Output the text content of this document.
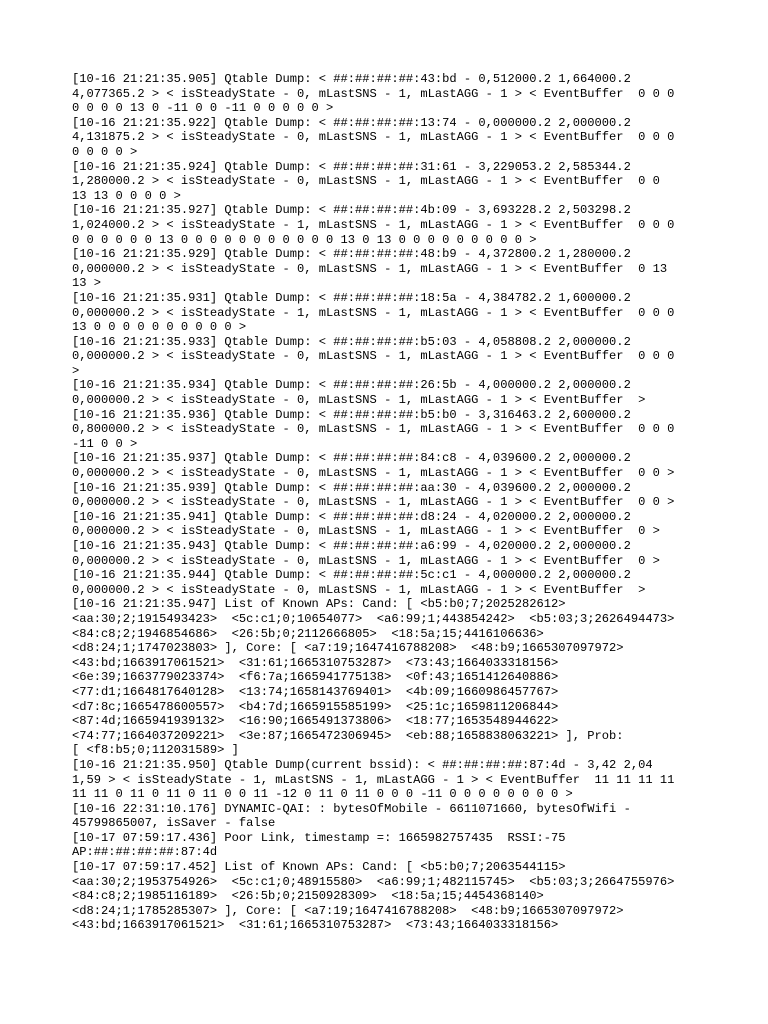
[10-16 21:21:35.905] Qtable Dump: < ##:##:##:##:43:bd - 0,512000.2 1,664000.2
4,077365.2 > < isSteadyState - 0, mLastSNS - 1, mLastAGG - 1 > < EventBuffer  0 0 0
0 0 0 0 13 0 -11 0 0 -11 0 0 0 0 0 >
[10-16 21:21:35.922] Qtable Dump: < ##:##:##:##:13:74 - 0,000000.2 2,000000.2
4,131875.2 > < isSteadyState - 0, mLastSNS - 1, mLastAGG - 1 > < EventBuffer  0 0 0
0 0 0 0 >
[10-16 21:21:35.924] Qtable Dump: < ##:##:##:##:31:61 - 3,229053.2 2,585344.2
1,280000.2 > < isSteadyState - 0, mLastSNS - 1, mLastAGG - 1 > < EventBuffer  0 0
13 13 0 0 0 0 >
[10-16 21:21:35.927] Qtable Dump: < ##:##:##:##:4b:09 - 3,693228.2 2,503298.2
1,024000.2 > < isSteadyState - 1, mLastSNS - 1, mLastAGG - 1 > < EventBuffer  0 0 0
0 0 0 0 0 0 13 0 0 0 0 0 0 0 0 0 0 0 13 0 13 0 0 0 0 0 0 0 0 0 >
[10-16 21:21:35.929] Qtable Dump: < ##:##:##:##:48:b9 - 4,372800.2 1,280000.2
0,000000.2 > < isSteadyState - 0, mLastSNS - 1, mLastAGG - 1 > < EventBuffer  0 13
13 >
[10-16 21:21:35.931] Qtable Dump: < ##:##:##:##:18:5a - 4,384782.2 1,600000.2
0,000000.2 > < isSteadyState - 1, mLastSNS - 1, mLastAGG - 1 > < EventBuffer  0 0 0
13 0 0 0 0 0 0 0 0 0 0 >
[10-16 21:21:35.933] Qtable Dump: < ##:##:##:##:b5:03 - 4,058808.2 2,000000.2
0,000000.2 > < isSteadyState - 0, mLastSNS - 1, mLastAGG - 1 > < EventBuffer  0 0 0
>
[10-16 21:21:35.934] Qtable Dump: < ##:##:##:##:26:5b - 4,000000.2 2,000000.2
0,000000.2 > < isSteadyState - 0, mLastSNS - 1, mLastAGG - 1 > < EventBuffer  >
[10-16 21:21:35.936] Qtable Dump: < ##:##:##:##:b5:b0 - 3,316463.2 2,600000.2
0,800000.2 > < isSteadyState - 0, mLastSNS - 1, mLastAGG - 1 > < EventBuffer  0 0 0
-11 0 0 >
[10-16 21:21:35.937] Qtable Dump: < ##:##:##:##:84:c8 - 4,039600.2 2,000000.2
0,000000.2 > < isSteadyState - 0, mLastSNS - 1, mLastAGG - 1 > < EventBuffer  0 0 >
[10-16 21:21:35.939] Qtable Dump: < ##:##:##:##:aa:30 - 4,039600.2 2,000000.2
0,000000.2 > < isSteadyState - 0, mLastSNS - 1, mLastAGG - 1 > < EventBuffer  0 0 >
[10-16 21:21:35.941] Qtable Dump: < ##:##:##:##:d8:24 - 4,020000.2 2,000000.2
0,000000.2 > < isSteadyState - 0, mLastSNS - 1, mLastAGG - 1 > < EventBuffer  0 >
[10-16 21:21:35.943] Qtable Dump: < ##:##:##:##:a6:99 - 4,020000.2 2,000000.2
0,000000.2 > < isSteadyState - 0, mLastSNS - 1, mLastAGG - 1 > < EventBuffer  0 >
[10-16 21:21:35.944] Qtable Dump: < ##:##:##:##:5c:c1 - 4,000000.2 2,000000.2
0,000000.2 > < isSteadyState - 0, mLastSNS - 1, mLastAGG - 1 > < EventBuffer  >
[10-16 21:21:35.947] List of Known APs: Cand: [ <b5:b0;7;2025282612>
<aa:30;2;1915493423>  <5c:c1;0;10654077>  <a6:99;1;443854242>  <b5:03;3;2626494473>
<84:c8;2;1946854686>  <26:5b;0;2112666805>  <18:5a;15;4416106636>
<d8:24;1;1747023803> ], Core: [ <a7:19;1647416788208>  <48:b9;1665307097972>
<43:bd;1663917061521>  <31:61;1665310753287>  <73:43;1664033318156>
<6e:39;1663779023374>  <f6:7a;1665941775138>  <0f:43;1651412640886>
<77:d1;1664817640128>  <13:74;1658143769401>  <4b:09;1660986457767>
<d7:8c;1665478600557>  <b4:7d;1665915585199>  <25:1c;1659811206844>
<87:4d;1665941939132>  <16:90;1665491373806>  <18:77;1653548944622>
<74:77;1664037209221>  <3e:87;1665472306945>  <eb:88;1658838063221> ], Prob:
[ <f8:b5;0;112031589> ]
[10-16 21:21:35.950] Qtable Dump(current bssid): < ##:##:##:##:87:4d - 3,42 2,04
1,59 > < isSteadyState - 1, mLastSNS - 1, mLastAGG - 1 > < EventBuffer  11 11 11 11
11 11 0 11 0 11 0 11 0 0 11 -12 0 11 0 11 0 0 0 -11 0 0 0 0 0 0 0 0 >
[10-16 22:31:10.176] DYNAMIC-QAI: : bytesOfMobile - 6611071660, bytesOfWifi -
45799865007, isSaver - false
[10-17 07:59:17.436] Poor Link, timestamp =: 1665982757435  RSSI:-75
AP:##:##:##:##:87:4d
[10-17 07:59:17.452] List of Known APs: Cand: [ <b5:b0;7;2063544115>
<aa:30;2;1953754926>  <5c:c1;0;48915580>  <a6:99;1;482115745>  <b5:03;3;2664755976>
<84:c8;2;1985116189>  <26:5b;0;2150928309>  <18:5a;15;4454368140>
<d8:24;1;1785285307> ], Core: [ <a7:19;1647416788208>  <48:b9;1665307097972>
<43:bd;1663917061521>  <31:61;1665310753287>  <73:43;1664033318156>
